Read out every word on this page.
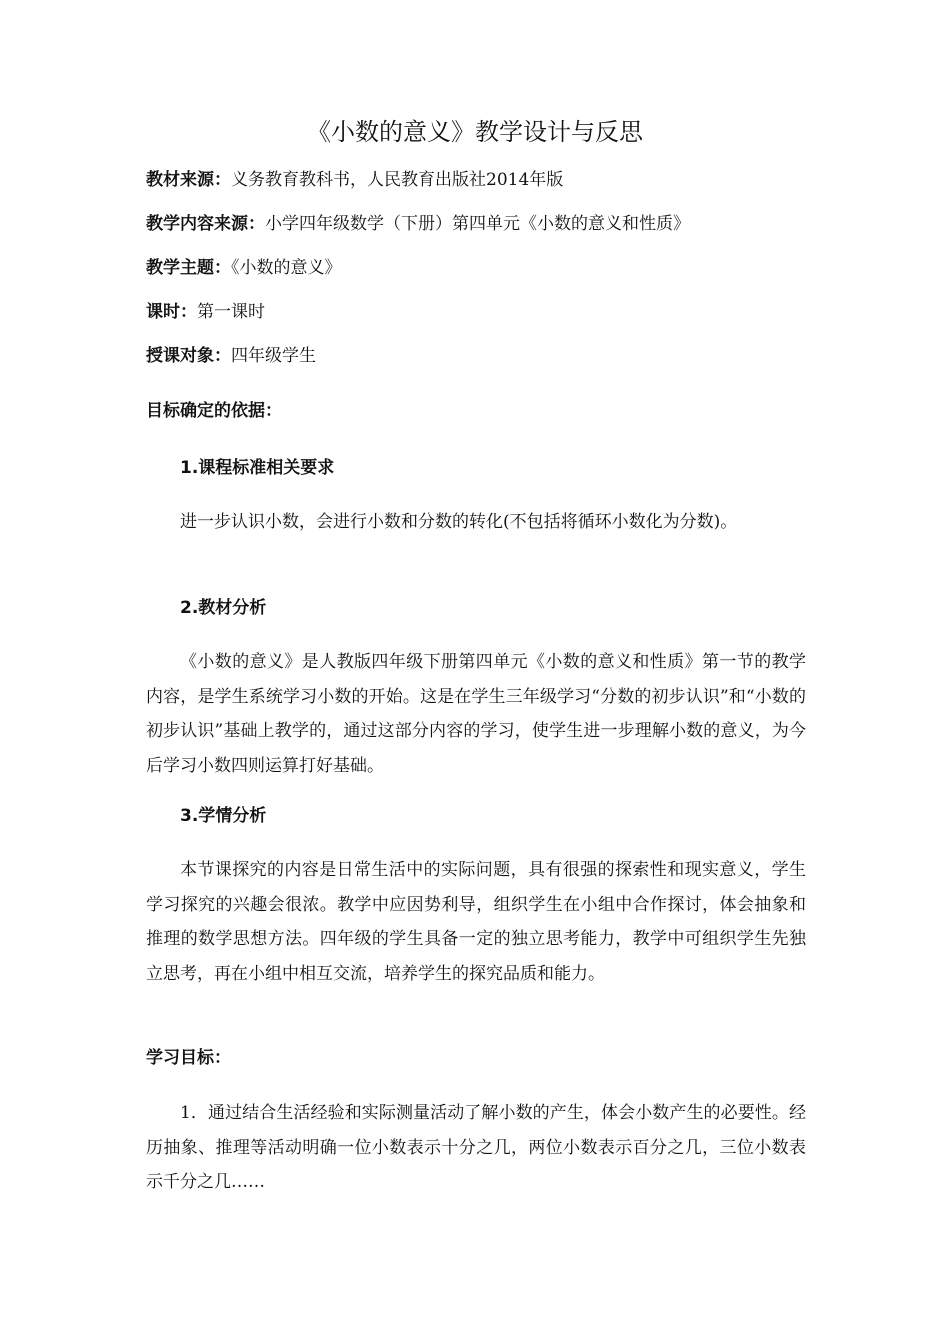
《小数的意义》教学设计与反思
教材来源：义务教育教科书，人民教育出版社2014年版
教学内容来源：小学四年级数学（下册）第四单元《小数的意义和性质》
教学主题：《小数的意义》
课时：第一课时
授课对象：四年级学生
目标确定的依据：
1.课程标准相关要求
进一步认识小数，会进行小数和分数的转化(不包括将循环小数化为分数)。
2.教材分析
《小数的意义》是人教版四年级下册第四单元《小数的意义和性质》第一节的教学内容，是学生系统学习小数的开始。这是在学生三年级学习“分数的初步认识”和“小数的初步认识”基础上教学的，通过这部分内容的学习，使学生进一步理解小数的意义，为今后学习小数四则运算打好基础。
3.学情分析
本节课探究的内容是日常生活中的实际问题，具有很强的探索性和现实意义，学生学习探究的兴趣会很浓。教学中应因势利导，组织学生在小组中合作探讨，体会抽象和推理的数学思想方法。四年级的学生具备一定的独立思考能力，教学中可组织学生先独立思考，再在小组中相互交流，培养学生的探究品质和能力。
学习目标：
1．通过结合生活经验和实际测量活动了解小数的产生，体会小数产生的必要性。经历抽象、推理等活动明确一位小数表示十分之几，两位小数表示百分之几，三位小数表示千分之几……
